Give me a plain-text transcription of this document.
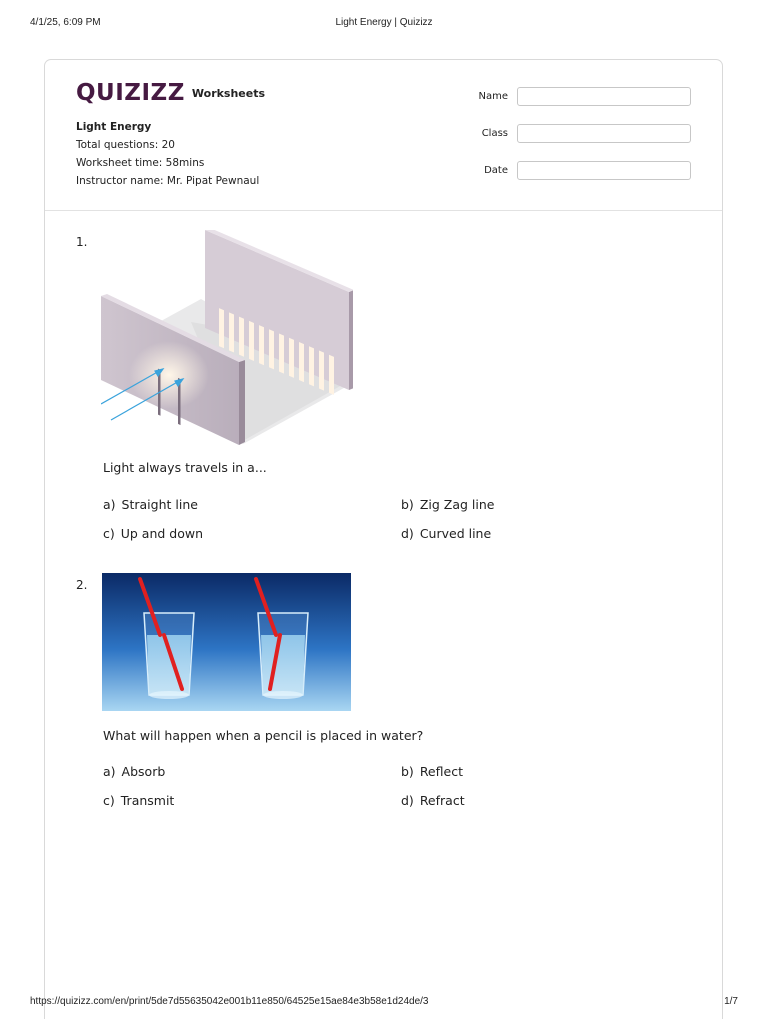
4/1/25, 6:09 PM	Light Energy | Quizizz
QUIZIZZ Worksheets
Light Energy
Total questions: 20
Worksheet time: 58mins
Instructor name: Mr. Pipat Pewnaul
Name
Class
Date
1.
Light always travels in a...
a) Straight line	b) Zig Zag line
c) Up and down	d) Curved line
2.
What will happen when a pencil is placed in water?
a) Absorb	b) Reflect
c) Transmit	d) Refract
https://quizizz.com/en/print/5de7d55635042e001b11e850/64525e15ae84e3b58e1d24de/3	1/7
